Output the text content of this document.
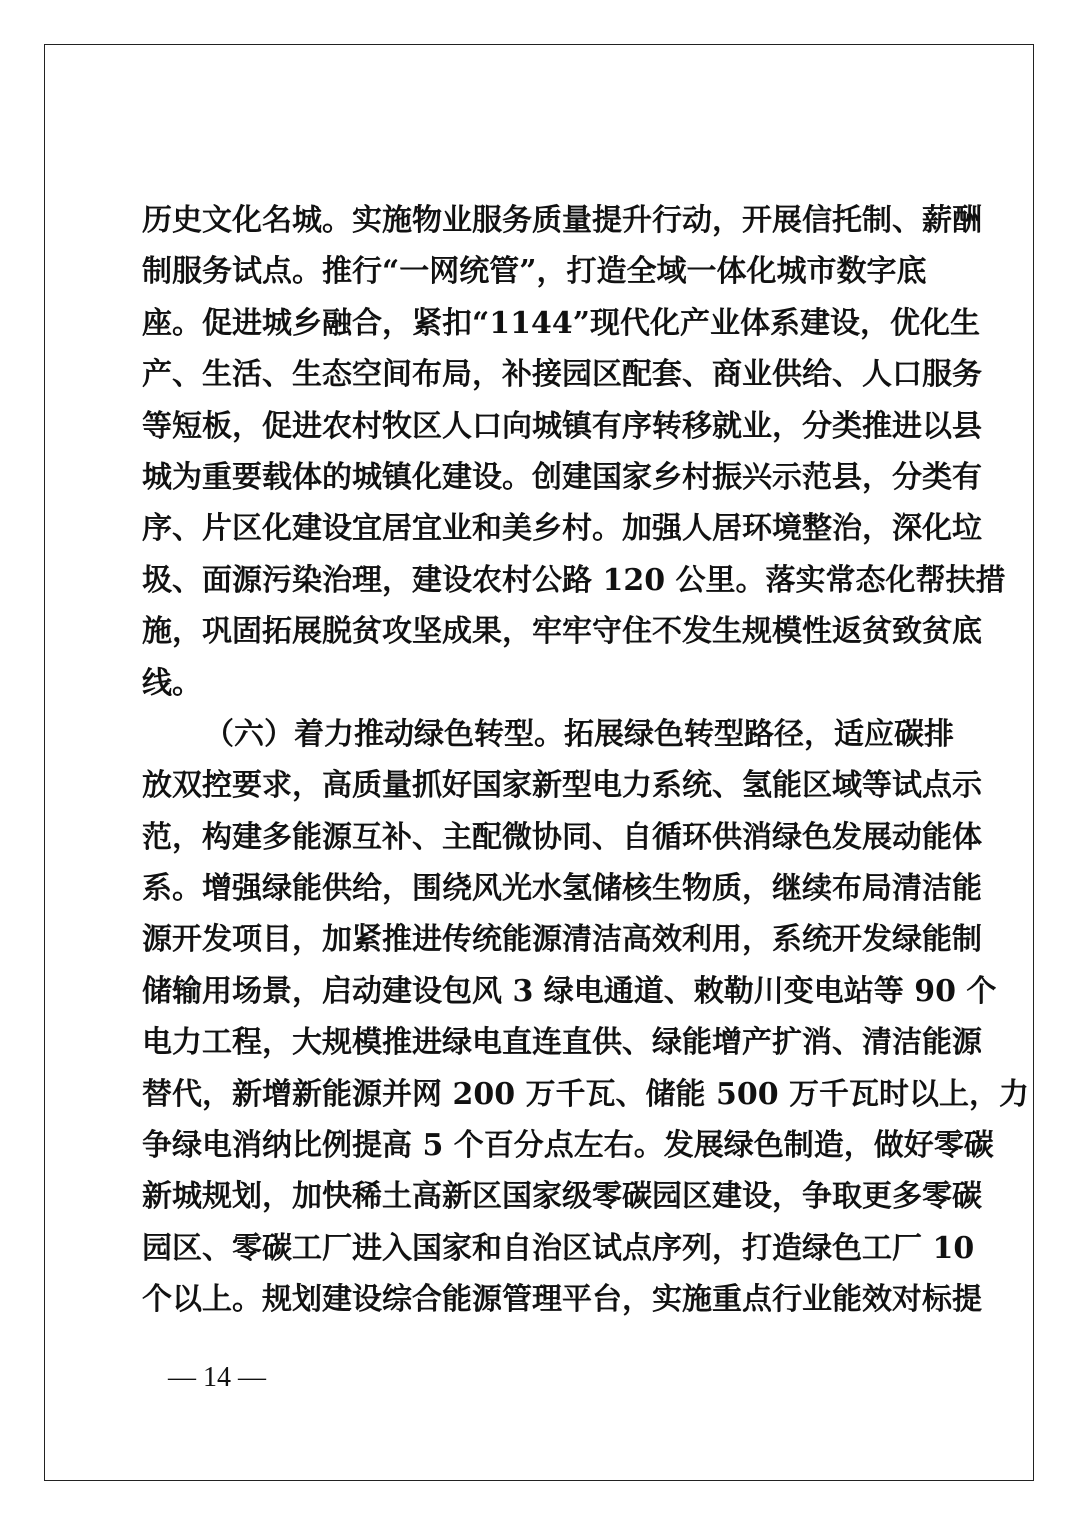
历史文化名城。实施物业服务质量提升行动，开展信托制、薪酬
制服务试点。推行“一网统管”，打造全域一体化城市数字底
座。促进城乡融合，紧扣“1144”现代化产业体系建设，优化生
产、生活、生态空间布局，补接园区配套、商业供给、人口服务
等短板，促进农村牧区人口向城镇有序转移就业，分类推进以县
城为重要载体的城镇化建设。创建国家乡村振兴示范县，分类有
序、片区化建设宜居宜业和美乡村。加强人居环境整治，深化垃
圾、面源污染治理，建设农村公路 120 公里。落实常态化帮扶措
施，巩固拓展脱贫攻坚成果，牢牢守住不发生规模性返贫致贫底
线。
（六）着力推动绿色转型。拓展绿色转型路径，适应碳排
放双控要求，高质量抓好国家新型电力系统、氢能区域等试点示
范，构建多能源互补、主配微协同、自循环供消绿色发展动能体
系。增强绿能供给，围绕风光水氢储核生物质，继续布局清洁能
源开发项目，加紧推进传统能源清洁高效利用，系统开发绿能制
储输用场景，启动建设包风 3 绿电通道、敕勒川变电站等 90 个
电力工程，大规模推进绿电直连直供、绿能增产扩消、清洁能源
替代，新增新能源并网 200 万千瓦、储能 500 万千瓦时以上，力
争绿电消纳比例提高 5 个百分点左右。发展绿色制造，做好零碳
新城规划，加快稀土高新区国家级零碳园区建设，争取更多零碳
园区、零碳工厂进入国家和自治区试点序列，打造绿色工厂 10
个以上。规划建设综合能源管理平台，实施重点行业能效对标提
— 14 —
